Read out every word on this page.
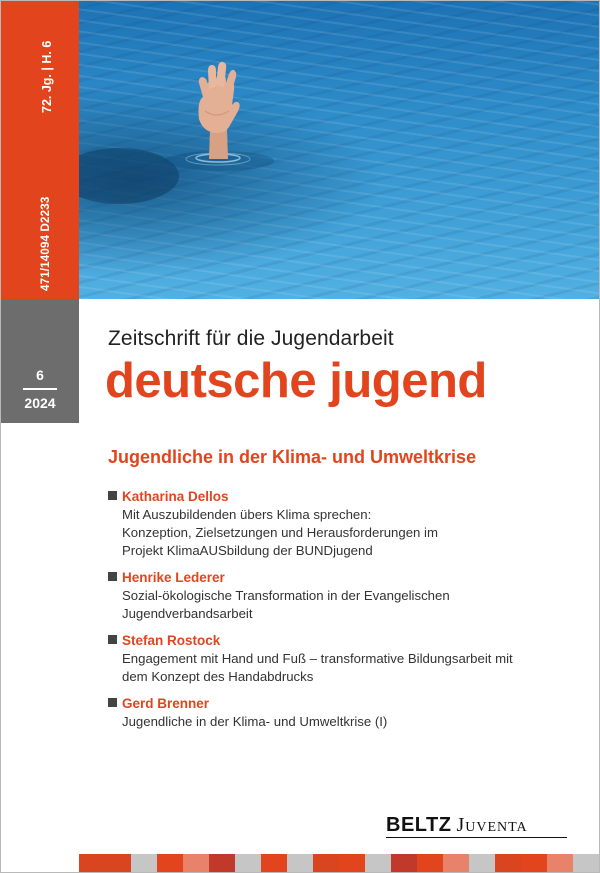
72. Jg. | H. 6
471/14094 D2233
6
2024
Zeitschrift für die Jugendarbeit
deutsche jugend
Jugendliche in der Klima- und Umweltkrise
Katharina Dellos
Mit Auszubildenden übers Klima sprechen:
Konzeption, Zielsetzungen und Herausforderungen im
Projekt KlimaAUSbildung der BUNDjugend
Henrike Lederer
Sozial-ökologische Transformation in der Evangelischen
Jugendverbandsarbeit
Stefan Rostock
Engagement mit Hand und Fuß – transformative Bildungsarbeit mit
dem Konzept des Handabdrucks
Gerd Brenner
Jugendliche in der Klima- und Umweltkrise (I)
BELTZ Juventa
